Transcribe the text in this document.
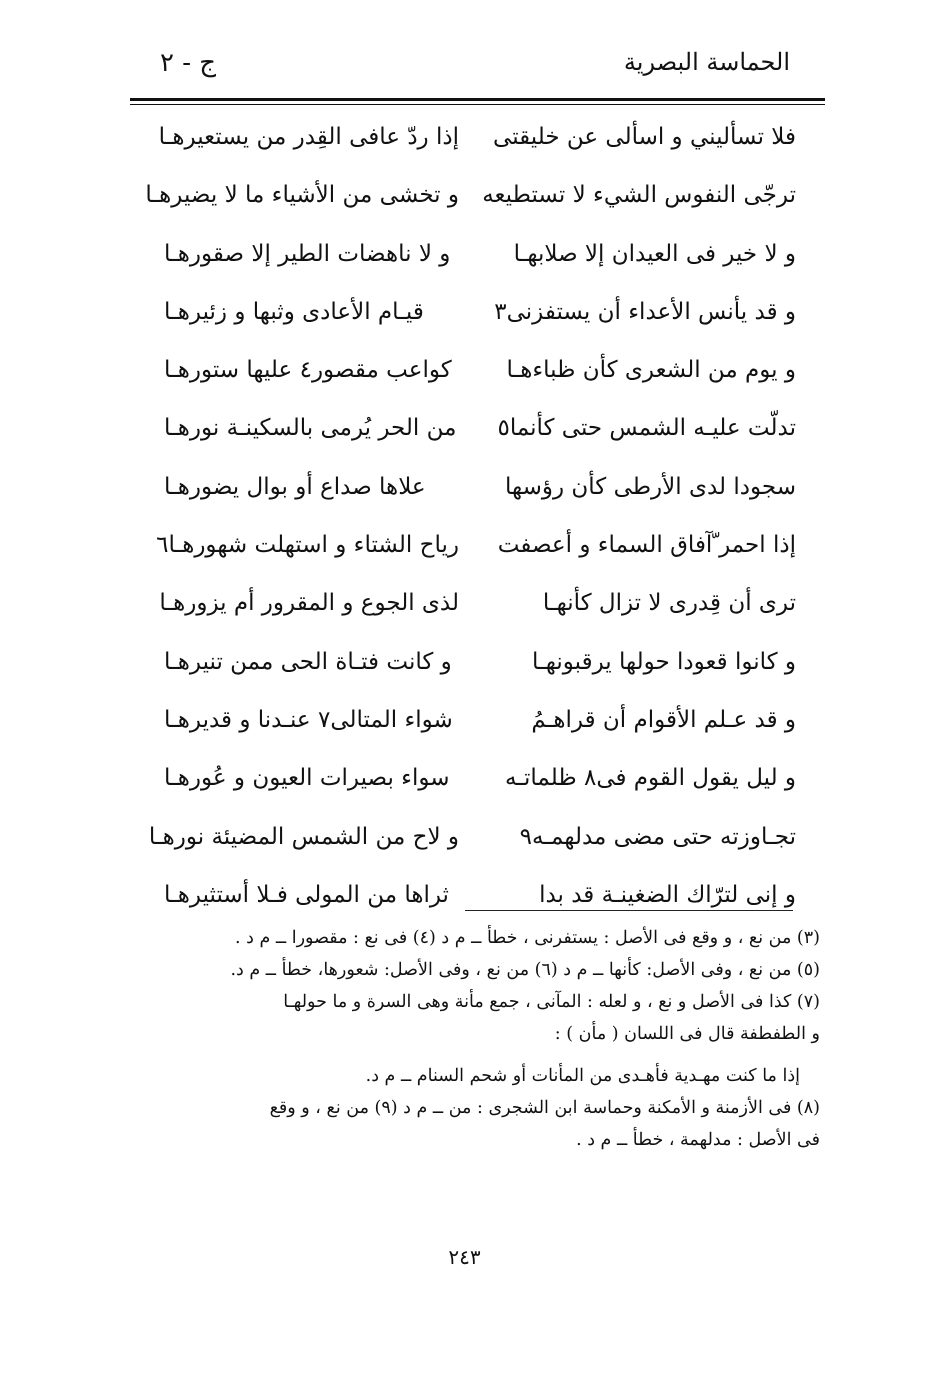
الحماسة البصرية
ج - ٢
فلا تسأليني و اسألى عن خليقتى
إذا ردّ عافى القِدر من يستعيرهـا
ترجّى النفوس الشيء لا تستطيعه
و تخشى من الأشياء ما لا يضيرهـا
و لا خير فى العيدان إلا صلابهـا
و لا ناهضات الطير إلا صقورهـا
و قد يأنس الأعداء أن يستفزنى٣
قيـام الأعادى وثبها و زئيرهـا
و يوم من الشعرى كأن ظباءهـا
كواعب مقصور٤ عليها ستورهـا
تدلّت عليـه الشمس حتى كأنما٥
من الحر يُرمى بالسكينـة نورهـا
سجودا لدى الأرطى كأن رؤسها
علاها صداع أو بوال يضورهـا
إذا احمر ّآفاق السماء و أعصفت
رياح الشتاء و استهلت شهورهـا٦
ترى أن قِدرى لا تزال كأنهـا
لذى الجوع و المقرور أم يزورهـا
و كانوا قعودا حولها يرقبونهـا
و كانت فتـاة الحى ممن تنيرهـا
و قد عـلم الأقوام أن قراهـمُ
شواء المتالى٧ عنـدنا و قديرهـا
و ليل يقول القوم فى٨ ظلماتـه
سواء بصيرات العيون و عُورهـا
تجـاوزته حتى مضى مدلهمـه٩
و لاح من الشمس المضيئة نورهـا
و إنى لترّاك الضغينـة قد بدا
ثراها من المولى فـلا أستثيرهـا
(٣) من نع ، و وقع فى الأصل : يستفرنى ، خطأ ــ م د (٤) فى نع : مقصورا ــ م د .
(٥) من نع ، وفى الأصل: كأنها ــ م د (٦) من نع ، وفى الأصل: شعورها، خطأ ــ م د.
(٧) كذا فى الأصل و نع ، و لعله : المآنى ، جمع مأنة وهى السرة و ما حولهـا
و الطفطفة قال فى اللسان ( مأن ) :
إذا ما كنت مهـدية فأهـدى من المأنات أو شحم السنام ــ م د.
(٨) فى الأزمنة و الأمكنة وحماسة ابن الشجرى : من ــ م د (٩) من نع ، و وقع
فى الأصل : مدلهمة ، خطأ ــ م د .
٢٤٣
